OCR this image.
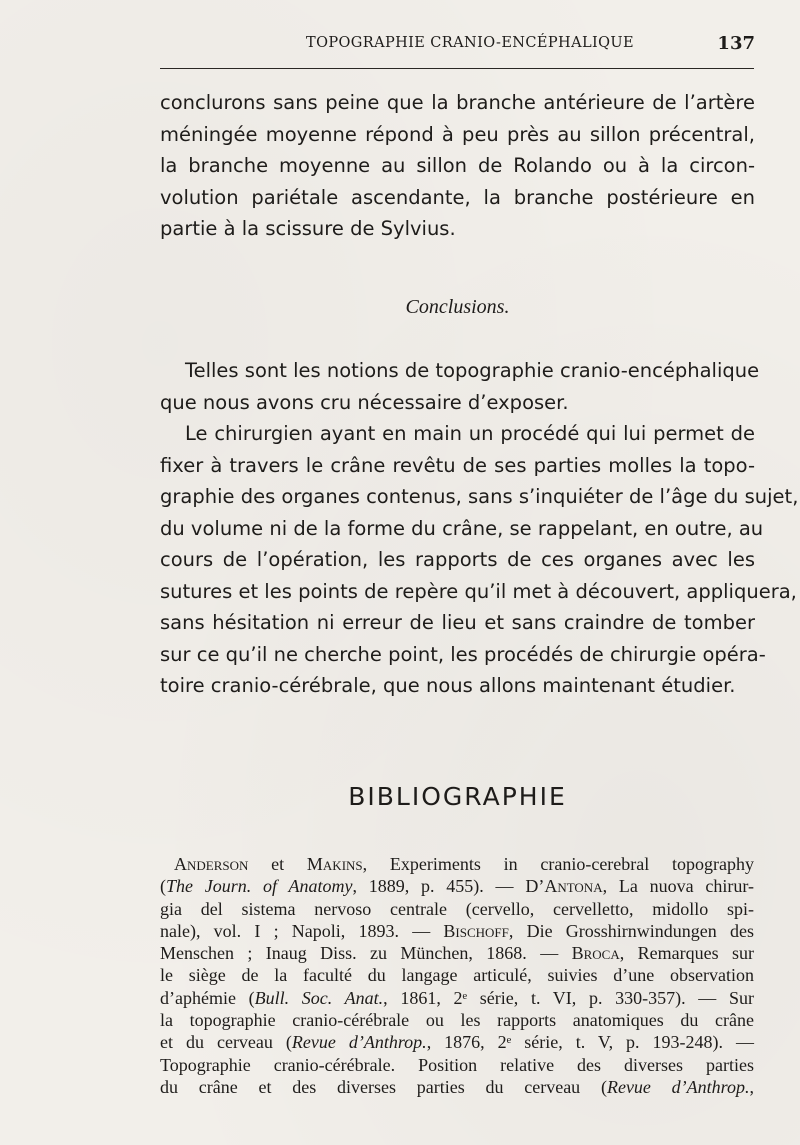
TOPOGRAPHIE CRANIO-ENCÉPHALIQUE	137
conclurons sans peine que la branche antérieure de l’artère
méningée moyenne répond à peu près au sillon précentral,
la branche moyenne au sillon de Rolando ou à la circon-
volution pariétale ascendante, la branche postérieure en
partie à la scissure de Sylvius.
Conclusions.
Telles sont les notions de topographie cranio-encéphalique
que nous avons cru nécessaire d’exposer.
Le chirurgien ayant en main un procédé qui lui permet de
fixer à travers le crâne revêtu de ses parties molles la topo-
graphie des organes contenus, sans s’inquiéter de l’âge du sujet,
du volume ni de la forme du crâne, se rappelant, en outre, au
cours de l’opération, les rapports de ces organes avec les
sutures et les points de repère qu’il met à découvert, appliquera,
sans hésitation ni erreur de lieu et sans craindre de tomber
sur ce qu’il ne cherche point, les procédés de chirurgie opéra-
toire cranio-cérébrale, que nous allons maintenant étudier.
BIBLIOGRAPHIE
Anderson et Makins, Experiments in cranio-cerebral topography
(The Journ. of Anatomy, 1889, p. 455). — D’Antona, La nuova chirur-
gia del sistema nervoso centrale (cervello, cervelletto, midollo spi-
nale), vol. I ; Napoli, 1893. — Bischoff, Die Grosshirnwindungen des
Menschen ; Inaug Diss. zu München, 1868. — Broca, Remarques sur
le siège de la faculté du langage articulé, suivies d’une observation
d’aphémie (Bull. Soc. Anat., 1861, 2ᵉ série, t. VI, p. 330-357). — Sur
la topographie cranio-cérébrale ou les rapports anatomiques du crâne
et du cerveau (Revue d’Anthrop., 1876, 2ᵉ série, t. V, p. 193-248). —
Topographie cranio-cérébrale. Position relative des diverses parties
du crâne et des diverses parties du cerveau (Revue d’Anthrop.,
